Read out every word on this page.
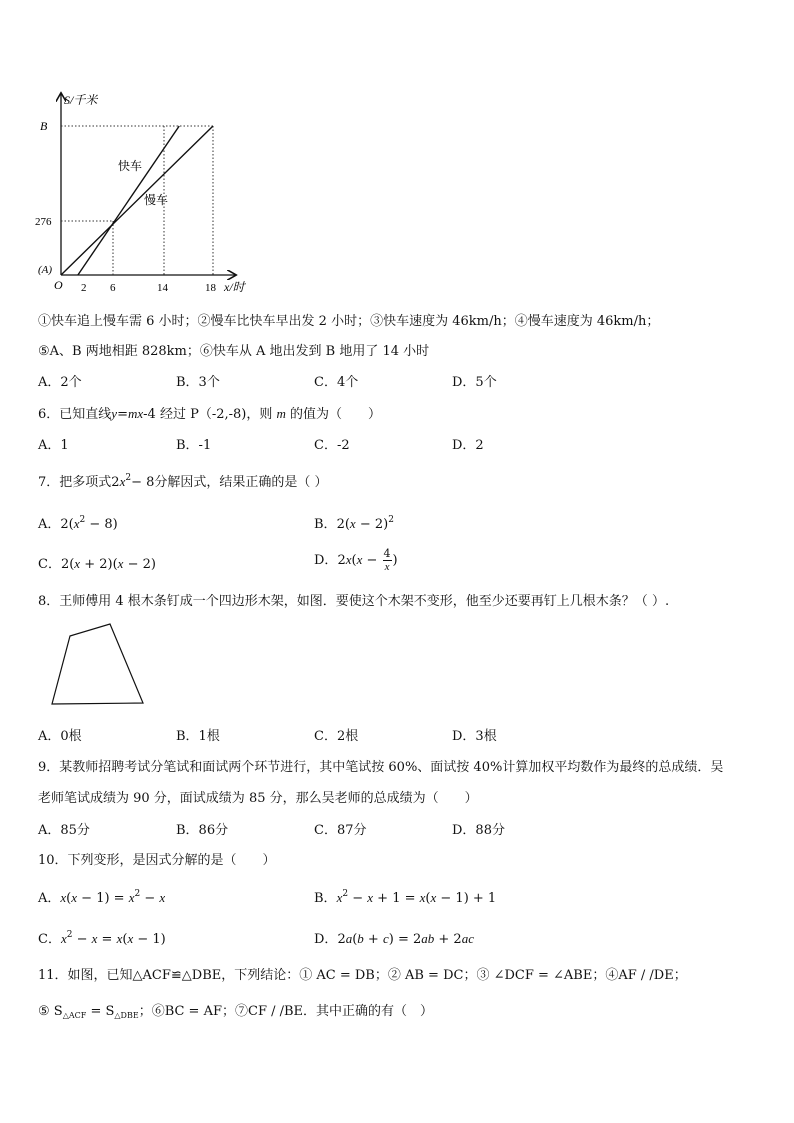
S/千米
B
276
(A)
O 2 6	14	18 x/时
快车
慢车
①快车追上慢车需 6 小时；②慢车比快车早出发 2 小时；③快车速度为 46km/h；④慢车速度为 46km/h；
⑤A、B 两地相距 828km；⑥快车从 A 地出发到 B 地用了 14 小时
A．2个	B．3个	C．4个	D．5个
6．已知直线y=mx-4 经过 P（-2,-8)，则 m 的值为（　　）
A．1	B．-1	C．-2	D．2
7．把多项式$2x^2- 8$分解因式，结果正确的是（ ）
A．$2(x^2 - 8)$	B．$2(x - 2)^2$
C．2(x + 2)(x − 2)	D．$2x(x - \frac{4}{x}$ )
8．王师傅用 4 根木条钉成一个四边形木架，如图．要使这个木架不变形，他至少还要再钉上几根木条？（ ）.
A．0根	B．1根	C．2根	D．3根
9．某教师招聘考试分笔试和面试两个环节进行，其中笔试按 60%、面试按 40%计算加权平均数作为最终的总成绩．吴
老师笔试成绩为 90 分，面试成绩为 85 分，那么吴老师的总成绩为（　　）
A．85分	B．86分	C．87分	D．88分
10．下列变形，是因式分解的是（　　）
A．$x(x - 1) = x^2 - x$	B．$x^2 - x + 1 = x(x - 1) + 1$
C．$x^2 - x = x(x - 1)$	D．2a(b + c) = 2ab + 2ac
11．如图，已知△ACF≌△DBE，下列结论：① AC = DB；② AB = DC；③ ∠DCF = ∠ABE；④AF / /DE；
⑤ $S_{\triangle ACF} = S_{\triangle DBE}$；⑥BC = AF；⑦CF / /BE．其中正确的有（　）
